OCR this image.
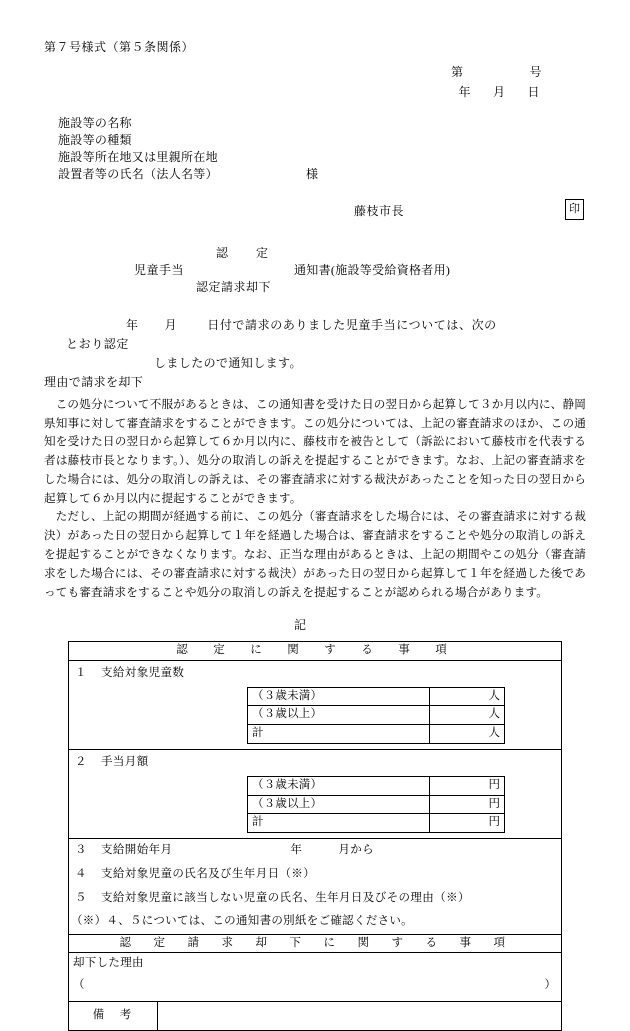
第７号様式（第５条関係）
第	号
年 月 日
施設等の名称
施設等の種類
施設等所在地又は里親所在地
設置者等の氏名（法人名等）	様
藤枝市長	印
認　定
児童手当	通知書(施設等受給資格者用)
認定請求却下
年 月	日付で請求のありました児童手当については、次の
とおり認定
しましたので通知します。
理由で請求を却下

この処分について不服があるときは、この通知書を受けた日の翌日から起算して３か月以内に、静岡県知事に対して審査請求をすることができます。この処分については、上記の審査請求のほか、この通知を受けた日の翌日から起算して６か月以内に、藤枝市を被告として（訴訟において藤枝市を代表する者は藤枝市長となります。）、処分の取消しの訴えを提起することができます。なお、上記の審査請求をした場合には、処分の取消しの訴えは、その審査請求に対する裁決があったことを知った日の翌日から起算して６か月以内に提起することができます。

ただし、上記の期間が経過する前に、この処分（審査請求をした場合には、その審査請求に対する裁決）があった日の翌日から起算して１年を経過した場合は、審査請求をすることや処分の取消しの訴えを提起することができなくなります。なお、正当な理由があるときは、上記の期間やこの処分（審査請求をした場合には、その審査請求に対する裁決）があった日の翌日から起算して１年を経過した後であっても審査請求をすることや処分の取消しの訴えを提起することが認められる場合があります。

記
認　定　に　関　す　る　事　項

１ 支給対象児童数
（３歳未満）	人
（３歳以上）	人
計	人

２ 手当月額
（３歳未満）	円
（３歳以上）	円
計	円

３ 支給開始年月	年	月から
４ 支給対象児童の氏名及び生年月日（※）
５ 支給対象児童に該当しない児童の氏名、生年月日及びその理由（※）
（※）４、５については、この通知書の別紙をご確認ください。

認　定　請　求　却　下　に　関　す　る　事　項

却下した理由
（	）

備　考	
